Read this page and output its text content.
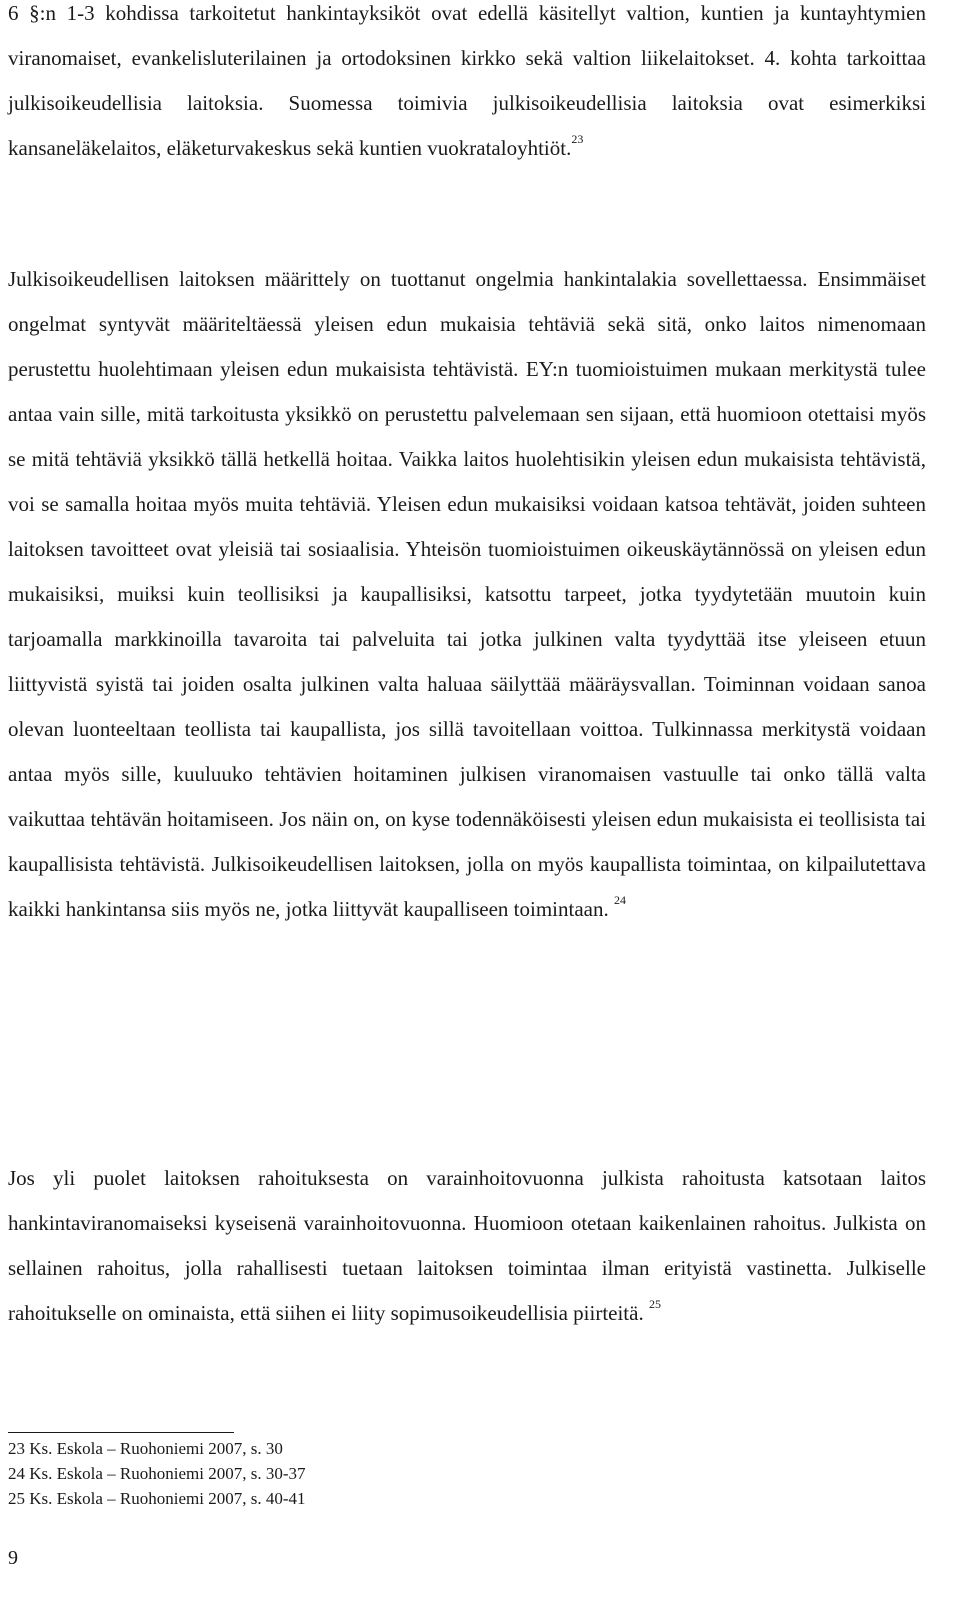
6 §:n 1-3 kohdissa tarkoitetut hankintayksiköt ovat edellä käsitellyt valtion, kuntien ja kuntayhtymien viranomaiset, evankelisluterilainen ja ortodoksinen kirkko sekä valtion liikelaitokset. 4. kohta tarkoittaa julkisoikeudellisia laitoksia. Suomessa toimivia julkisoikeudellisia laitoksia ovat esimerkiksi kansaneläkelaitos, eläketurvakeskus sekä kuntien vuokrataloyhtiöt.$^{23}$

Julkisoikeudellisen laitoksen määrittely on tuottanut ongelmia hankintalakia sovellettaessa. Ensimmäiset ongelmat syntyvät määriteltäessä yleisen edun mukaisia tehtäviä sekä sitä, onko laitos nimenomaan perustettu huolehtimaan yleisen edun mukaisista tehtävistä. EY:n tuomioistuimen mukaan merkitystä tulee antaa vain sille, mitä tarkoitusta yksikkö on perustettu palvelemaan sen sijaan, että huomioon otettaisi myös se mitä tehtäviä yksikkö tällä hetkellä hoitaa. Vaikka laitos huolehtisikin yleisen edun mukaisista tehtävistä, voi se samalla hoitaa myös muita tehtäviä. Yleisen edun mukaisiksi voidaan katsoa tehtävät, joiden suhteen laitoksen tavoitteet ovat yleisiä tai sosiaalisia. Yhteisön tuomioistuimen oikeuskäytännössä on yleisen edun mukaisiksi, muiksi kuin teollisiksi ja kaupallisiksi, katsottu tarpeet, jotka tyydytetään muutoin kuin tarjoamalla markkinoilla tavaroita tai palveluita tai jotka julkinen valta tyydyttää itse yleiseen etuun liittyvistä syistä tai joiden osalta julkinen valta haluaa säilyttää määräysvallan. Toiminnan voidaan sanoa olevan luonteeltaan teollista tai kaupallista, jos sillä tavoitellaan voittoa. Tulkinnassa merkitystä voidaan antaa myös sille, kuuluuko tehtävien hoitaminen julkisen viranomaisen vastuulle tai onko tällä valta vaikuttaa tehtävän hoitamiseen. Jos näin on, on kyse todennäköisesti yleisen edun mukaisista ei teollisista tai kaupallisista tehtävistä. Julkisoikeudellisen laitoksen, jolla on myös kaupallista toimintaa, on kilpailutettava kaikki hankintansa siis myös ne, jotka liittyvät kaupalliseen toimintaan. $^{24}$

Jos yli puolet laitoksen rahoituksesta on varainhoitovuonna julkista rahoitusta katsotaan laitos hankintaviranomaiseksi kyseisenä varainhoitovuonna. Huomioon otetaan kaikenlainen rahoitus. Julkista on sellainen rahoitus, jolla rahallisesti tuetaan laitoksen toimintaa ilman erityistä vastinetta. Julkiselle rahoitukselle on ominaista, että siihen ei liity sopimusoikeudellisia piirteitä. $^{25}$

23 Ks. Eskola – Ruohoniemi 2007, s. 30

24 Ks. Eskola – Ruohoniemi 2007, s. 30-37

25 Ks. Eskola – Ruohoniemi 2007, s. 40-41

9
